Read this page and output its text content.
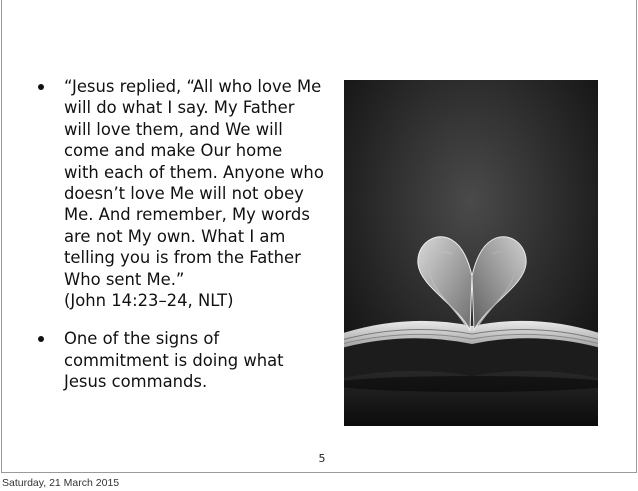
“Jesus replied, “All who love Me
will do what I say. My Father
will love them, and We will
come and make Our home
with each of them. Anyone who
doesn’t love Me will not obey
Me. And remember, My words
are not My own. What I am
telling you is from the Father
Who sent Me.”
(John 14:23–24, NLT)
One of the signs of
commitment is doing what
Jesus commands.
5
Saturday, 21 March 2015
